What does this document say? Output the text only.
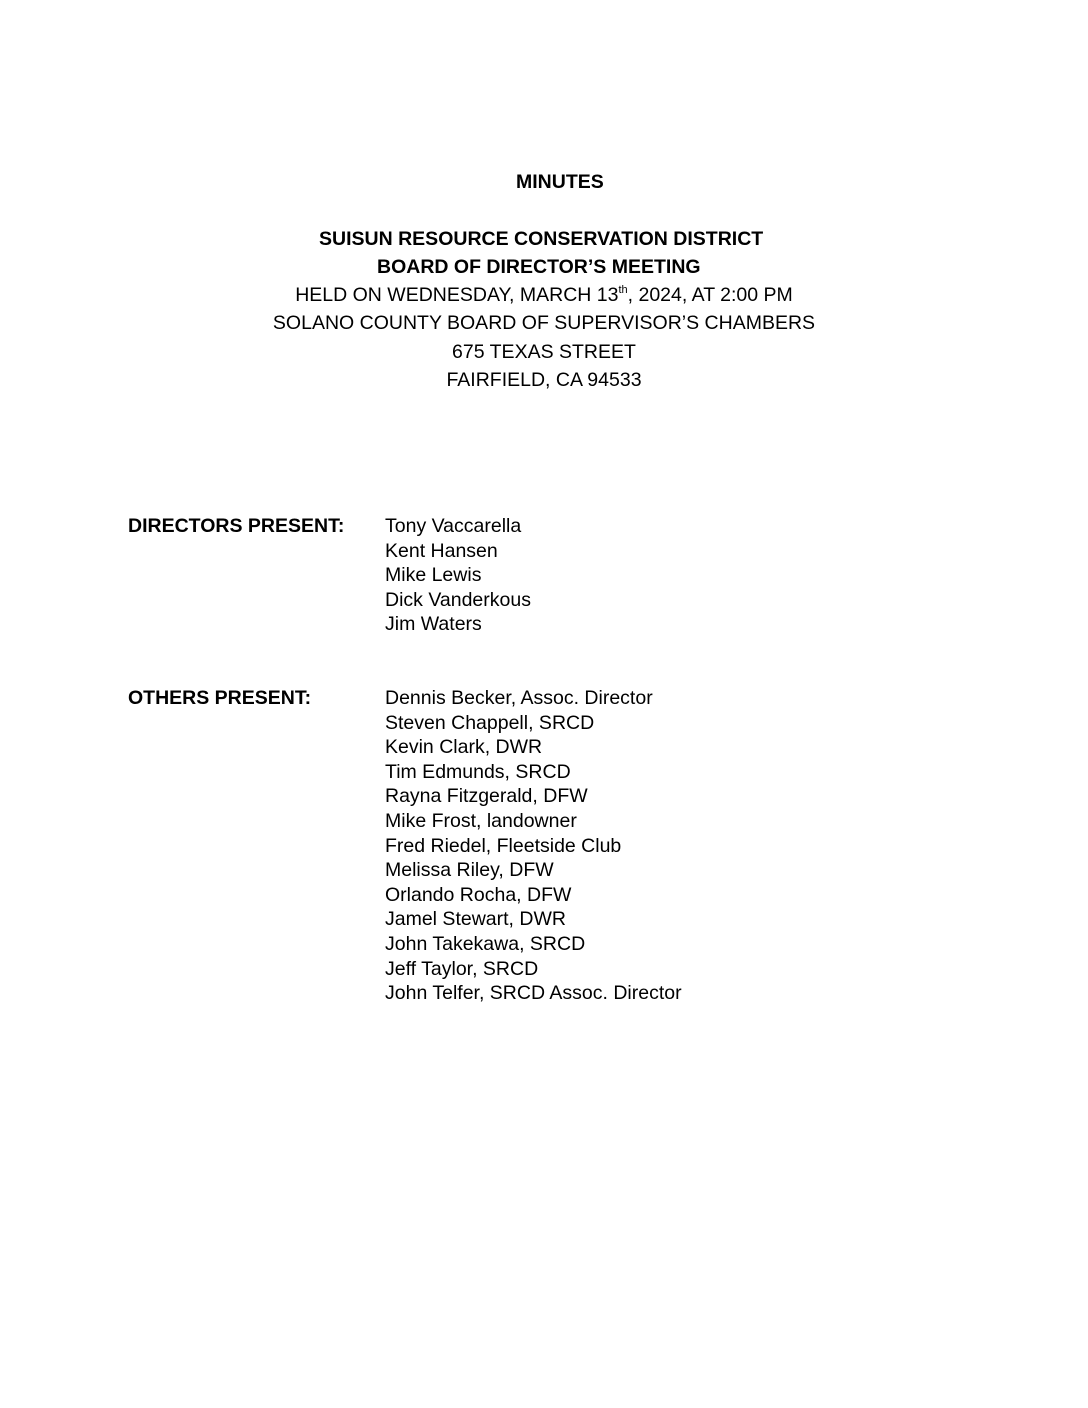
MINUTES
SUISUN RESOURCE CONSERVATION DISTRICT
BOARD OF DIRECTOR’S MEETING
HELD ON WEDNESDAY, MARCH 13th, 2024, AT 2:00 PM
SOLANO COUNTY BOARD OF SUPERVISOR’S CHAMBERS
675 TEXAS STREET
FAIRFIELD, CA 94533
DIRECTORS PRESENT: Tony Vaccarella
Kent Hansen
Mike Lewis
Dick Vanderkous
Jim Waters
OTHERS PRESENT:	Dennis Becker, Assoc. Director
Steven Chappell, SRCD
Kevin Clark, DWR
Tim Edmunds, SRCD
Rayna Fitzgerald, DFW
Mike Frost, landowner
Fred Riedel, Fleetside Club
Melissa Riley, DFW
Orlando Rocha, DFW
Jamel Stewart, DWR
John Takekawa, SRCD
Jeff Taylor, SRCD
John Telfer, SRCD Assoc. Director
